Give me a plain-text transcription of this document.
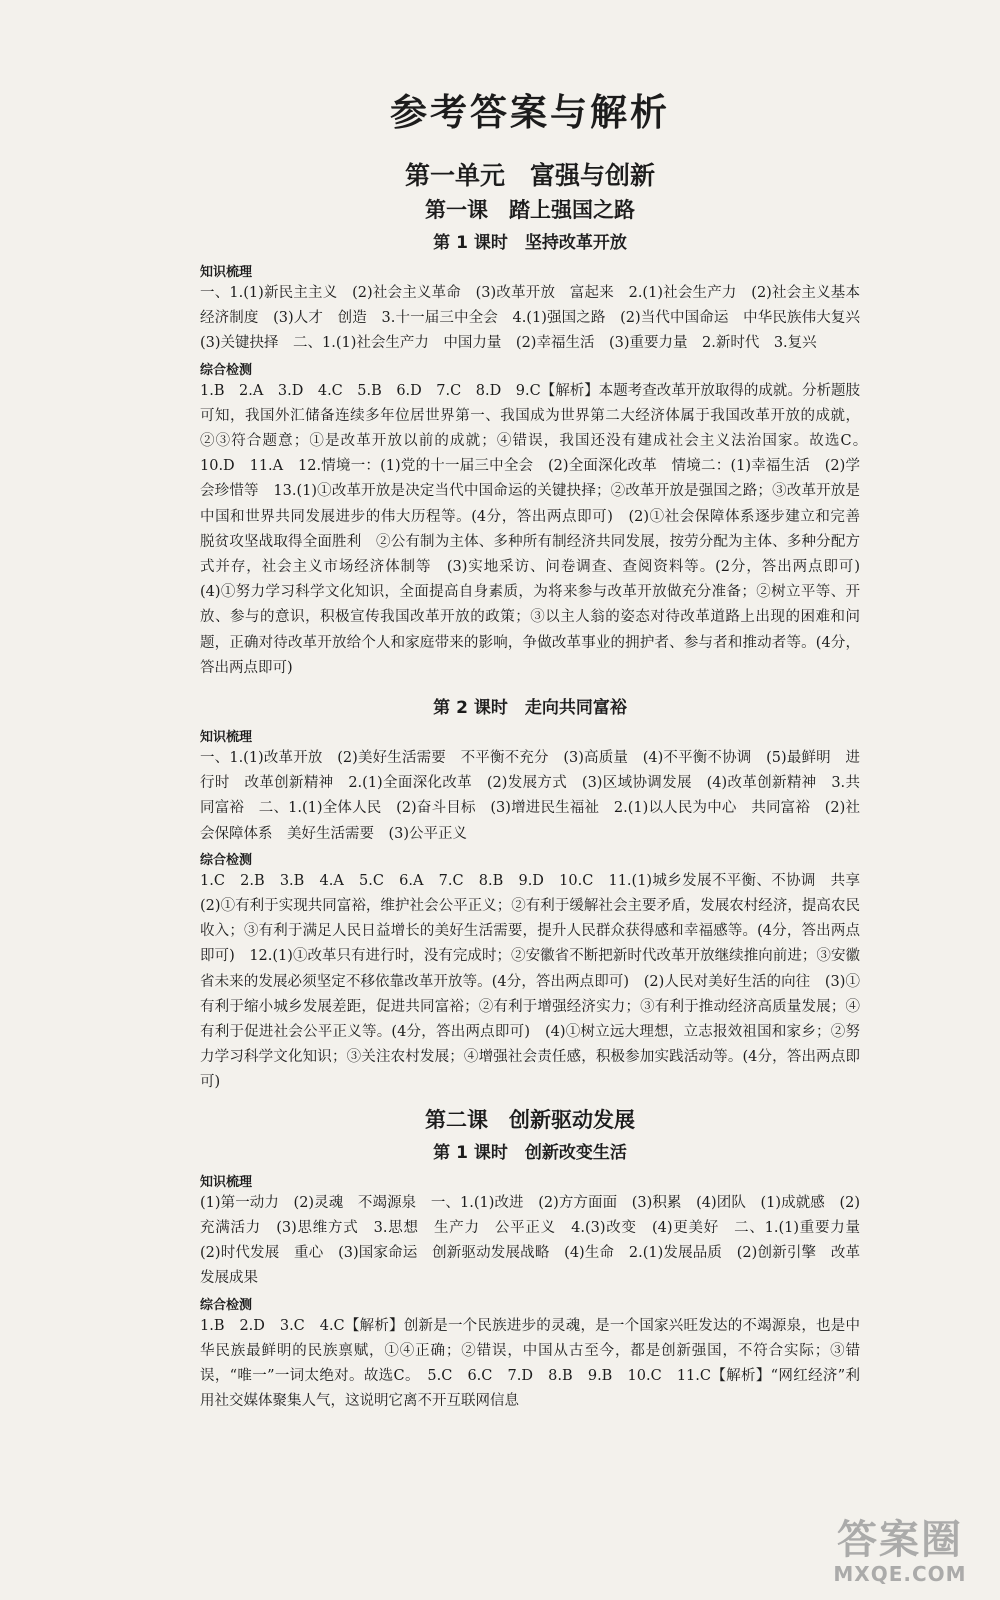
参考答案与解析
第一单元　富强与创新
第一课　踏上强国之路
第 1 课时　坚持改革开放
知识梳理

一、1.(1)新民主主义　(2)社会主义革命　(3)改革开放　富起来　2.(1)社会生产力　(2)社会主义基本经济制度　(3)人才　创造　3.十一届三中全会　4.(1)强国之路　(2)当代中国命运　中华民族伟大复兴　(3)关键抉择　二、1.(1)社会生产力　中国力量　(2)幸福生活　(3)重要力量　2.新时代　3.复兴

综合检测

1.B　2.A　3.D　4.C　5.B　6.D　7.C　8.D　9.C【解析】本题考查改革开放取得的成就。分析题肢可知，我国外汇储备连续多年位居世界第一、我国成为世界第二大经济体属于我国改革开放的成就，②③符合题意；①是改革开放以前的成就；④错误，我国还没有建成社会主义法治国家。故选C。　10.D　11.A　12.情境一：(1)党的十一届三中全会　(2)全面深化改革　情境二：(1)幸福生活　(2)学会珍惜等　13.(1)①改革开放是决定当代中国命运的关键抉择；②改革开放是强国之路；③改革开放是中国和世界共同发展进步的伟大历程等。(4分，答出两点即可)　(2)①社会保障体系逐步建立和完善　脱贫攻坚战取得全面胜利　②公有制为主体、多种所有制经济共同发展，按劳分配为主体、多种分配方式并存，社会主义市场经济体制等　(3)实地采访、问卷调查、查阅资料等。(2分，答出两点即可)　(4)①努力学习科学文化知识，全面提高自身素质，为将来参与改革开放做充分准备；②树立平等、开放、参与的意识，积极宣传我国改革开放的政策；③以主人翁的姿态对待改革道路上出现的困难和问题，正确对待改革开放给个人和家庭带来的影响，争做改革事业的拥护者、参与者和推动者等。(4分，答出两点即可)

第 2 课时　走向共同富裕
知识梳理

一、1.(1)改革开放　(2)美好生活需要　不平衡不充分　(3)高质量　(4)不平衡不协调　(5)最鲜明　进行时　改革创新精神　2.(1)全面深化改革　(2)发展方式　(3)区域协调发展　(4)改革创新精神　3.共同富裕　二、1.(1)全体人民　(2)奋斗目标　(3)增进民生福祉　2.(1)以人民为中心　共同富裕　(2)社会保障体系　美好生活需要　(3)公平正义

综合检测

1.C　2.B　3.B　4.A　5.C　6.A　7.C　8.B　9.D　10.C　11.(1)城乡发展不平衡、不协调　共享　(2)①有利于实现共同富裕，维护社会公平正义；②有利于缓解社会主要矛盾，发展农村经济，提高农民收入；③有利于满足人民日益增长的美好生活需要，提升人民群众获得感和幸福感等。(4分，答出两点即可)　12.(1)①改革只有进行时，没有完成时；②安徽省不断把新时代改革开放继续推向前进；③安徽省未来的发展必须坚定不移依靠改革开放等。(4分，答出两点即可)　(2)人民对美好生活的向往　(3)①有利于缩小城乡发展差距，促进共同富裕；②有利于增强经济实力；③有利于推动经济高质量发展；④有利于促进社会公平正义等。(4分，答出两点即可)　(4)①树立远大理想，立志报效祖国和家乡；②努力学习科学文化知识；③关注农村发展；④增强社会责任感，积极参加实践活动等。(4分，答出两点即可)

第二课　创新驱动发展
第 1 课时　创新改变生活
知识梳理

(1)第一动力　(2)灵魂　不竭源泉　一、1.(1)改进　(2)方方面面　(3)积累　(4)团队　(1)成就感　(2)充满活力　(3)思维方式　3.思想　生产力　公平正义　4.(3)改变　(4)更美好　二、1.(1)重要力量　(2)时代发展　重心　(3)国家命运　创新驱动发展战略　(4)生命　2.(1)发展品质　(2)创新引擎　改革发展成果

综合检测

1.B　2.D　3.C　4.C【解析】创新是一个民族进步的灵魂，是一个国家兴旺发达的不竭源泉，也是中华民族最鲜明的民族禀赋，①④正确；②错误，中国从古至今，都是创新强国，不符合实际；③错误，“唯一”一词太绝对。故选C。　5.C　6.C　7.D　8.B　9.B　10.C　11.C【解析】“网红经济”利用社交媒体聚集人气，这说明它离不开互联网信息

答案圈
MXQE.COM
